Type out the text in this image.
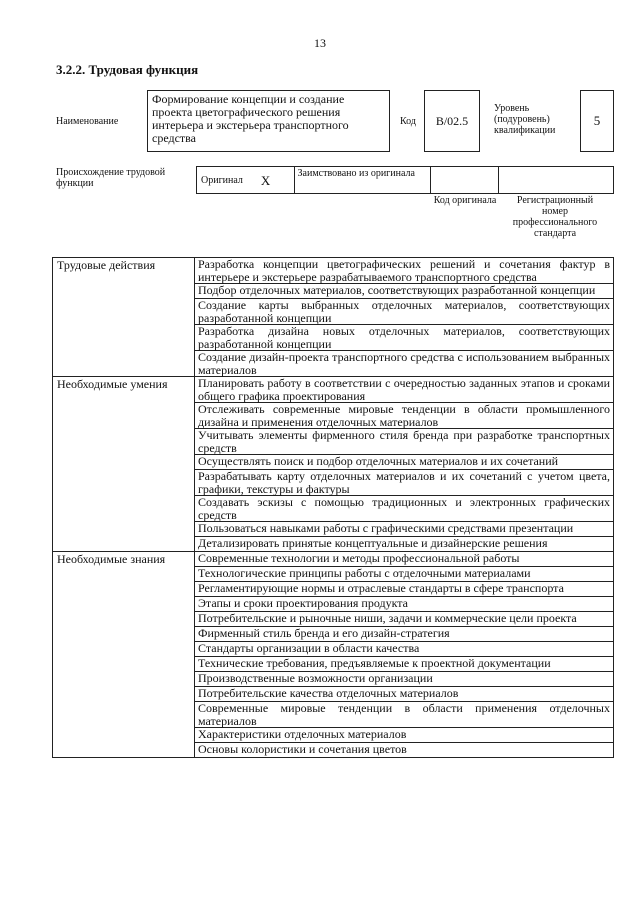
13
3.2.2. Трудовая функция
Наименование
Формирование концепции и создание проекта цветографического решения интерьера и экстерьера транспортного средства
Код	B/02.5
Уровень (подуровень) квалификации
5
Происхождение трудовой функции	Оригинал X	Заимствовано из оригинала
Код оригинала	Регистрационный номер профессионального стандарта
Трудовые действия	Разработка концепции цветографических решений и сочетания фактур в интерьере и экстерьере разрабатываемого транспортного средства
	Подбор отделочных материалов, соответствующих разработанной концепции
	Создание карты выбранных отделочных материалов, соответствующих разработанной концепции
	Разработка дизайна новых отделочных материалов, соответствующих разработанной концепции
	Создание дизайн-проекта транспортного средства с использованием выбранных материалов
Необходимые умения	Планировать работу в соответствии с очередностью заданных этапов и сроками общего графика проектирования
	Отслеживать современные мировые тенденции в области промышленного дизайна и применения отделочных материалов
	Учитывать элементы фирменного стиля бренда при разработке транспортных средств
	Осуществлять поиск и подбор отделочных материалов и их сочетаний
	Разрабатывать карту отделочных материалов и их сочетаний с учетом цвета, графики, текстуры и фактуры
	Создавать эскизы с помощью традиционных и электронных графических средств
	Пользоваться навыками работы с графическими средствами презентации
	Детализировать принятые концептуальные и дизайнерские решения
Необходимые знания	Современные технологии и методы профессиональной работы
	Технологические принципы работы с отделочными материалами
	Регламентирующие нормы и отраслевые стандарты в сфере транспорта
	Этапы и сроки проектирования продукта
	Потребительские и рыночные ниши, задачи и коммерческие цели проекта
	Фирменный стиль бренда и его дизайн-стратегия
	Стандарты организации в области качества
	Технические требования, предъявляемые к проектной документации
	Производственные возможности организации
	Потребительские качества отделочных материалов
	Современные мировые тенденции в области применения отделочных материалов
	Характеристики отделочных материалов
	Основы колористики и сочетания цветов
